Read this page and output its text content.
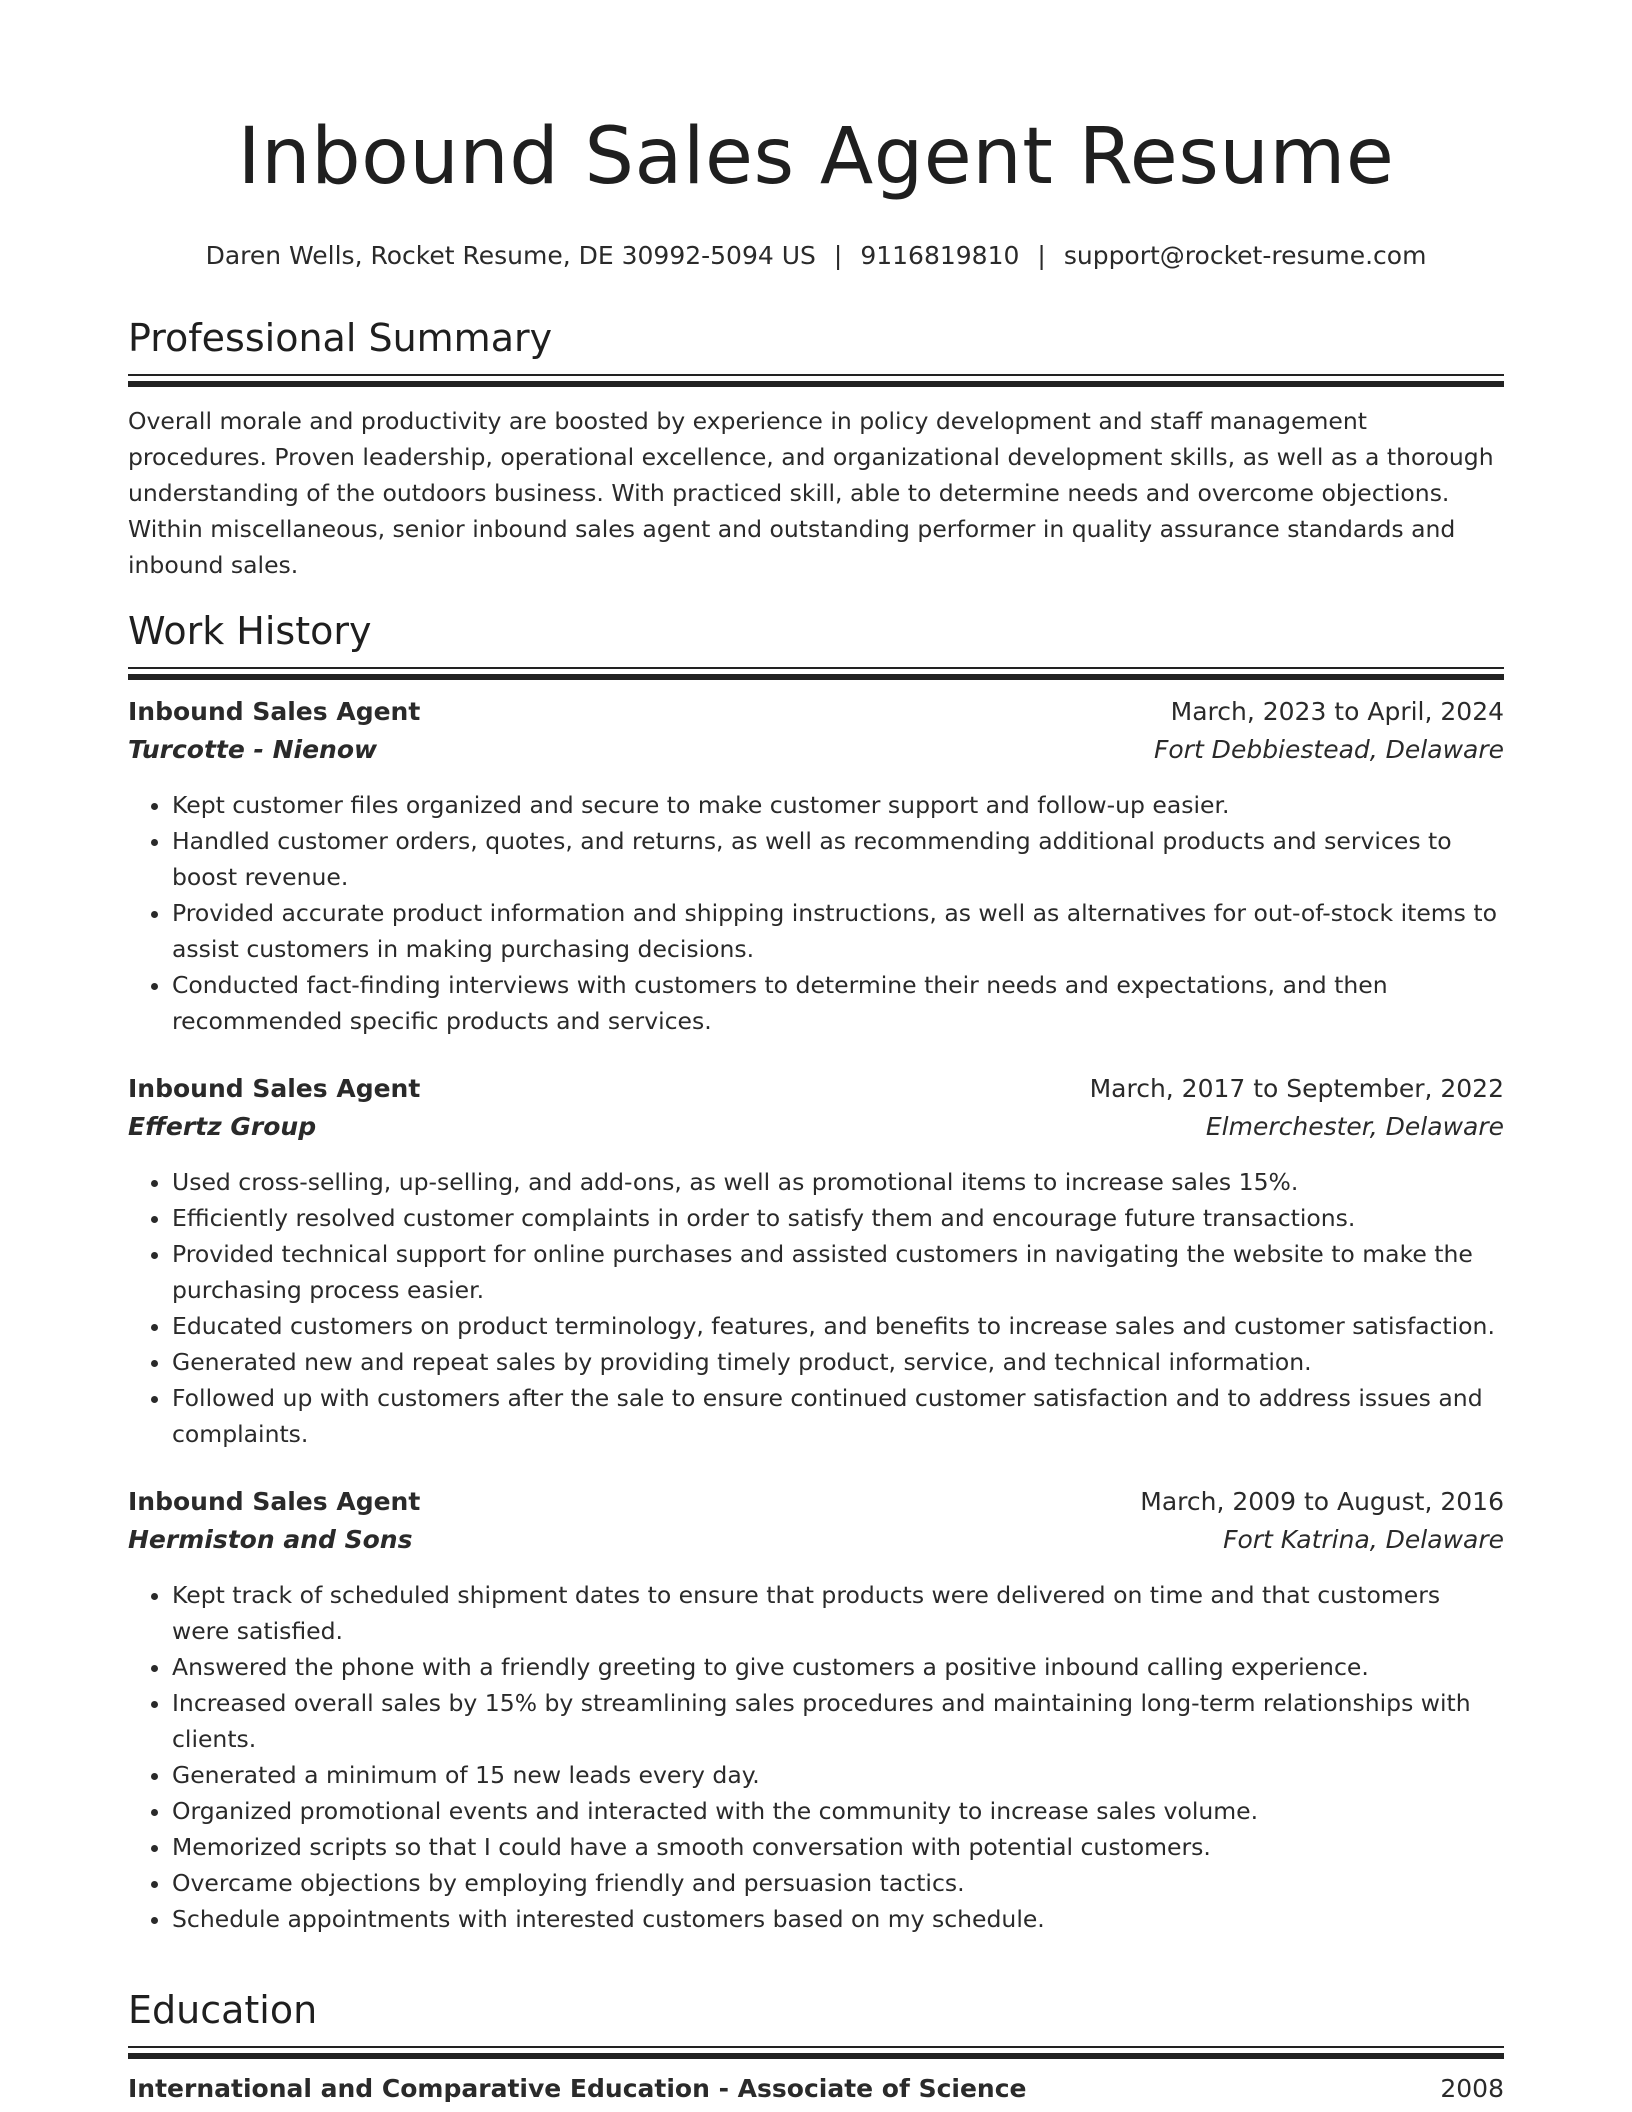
Inbound Sales Agent Resume
Daren Wells, Rocket Resume, DE 30992-5094 US | 9116819810 | support@rocket-resume.com
Professional Summary

Overall morale and productivity are boosted by experience in policy development and staff management procedures. Proven leadership, operational excellence, and organizational development skills, as well as a thorough understanding of the outdoors business. With practiced skill, able to determine needs and overcome objections. Within miscellaneous, senior inbound sales agent and outstanding performer in quality assurance standards and inbound sales.

Work History
Inbound Sales Agent	March, 2023 to April, 2024
Turcotte - Nienow	Fort Debbiestead, Delaware
• Kept customer files organized and secure to make customer support and follow-up easier.
• Handled customer orders, quotes, and returns, as well as recommending additional products and services to boost revenue.
• Provided accurate product information and shipping instructions, as well as alternatives for out-of-stock items to assist customers in making purchasing decisions.
• Conducted fact-finding interviews with customers to determine their needs and expectations, and then recommended specific products and services.
Inbound Sales Agent	March, 2017 to September, 2022
Effertz Group	Elmerchester, Delaware
• Used cross-selling, up-selling, and add-ons, as well as promotional items to increase sales 15%.
• Efficiently resolved customer complaints in order to satisfy them and encourage future transactions.
• Provided technical support for online purchases and assisted customers in navigating the website to make the purchasing process easier.
• Educated customers on product terminology, features, and benefits to increase sales and customer satisfaction.
• Generated new and repeat sales by providing timely product, service, and technical information.
• Followed up with customers after the sale to ensure continued customer satisfaction and to address issues and complaints.
Inbound Sales Agent	March, 2009 to August, 2016
Hermiston and Sons	Fort Katrina, Delaware
• Kept track of scheduled shipment dates to ensure that products were delivered on time and that customers were satisfied.
• Answered the phone with a friendly greeting to give customers a positive inbound calling experience.
• Increased overall sales by 15% by streamlining sales procedures and maintaining long-term relationships with clients.
• Generated a minimum of 15 new leads every day.
• Organized promotional events and interacted with the community to increase sales volume.
• Memorized scripts so that I could have a smooth conversation with potential customers.
• Overcame objections by employing friendly and persuasion tactics.
• Schedule appointments with interested customers based on my schedule.
Education
International and Comparative Education - Associate of Science	2008
